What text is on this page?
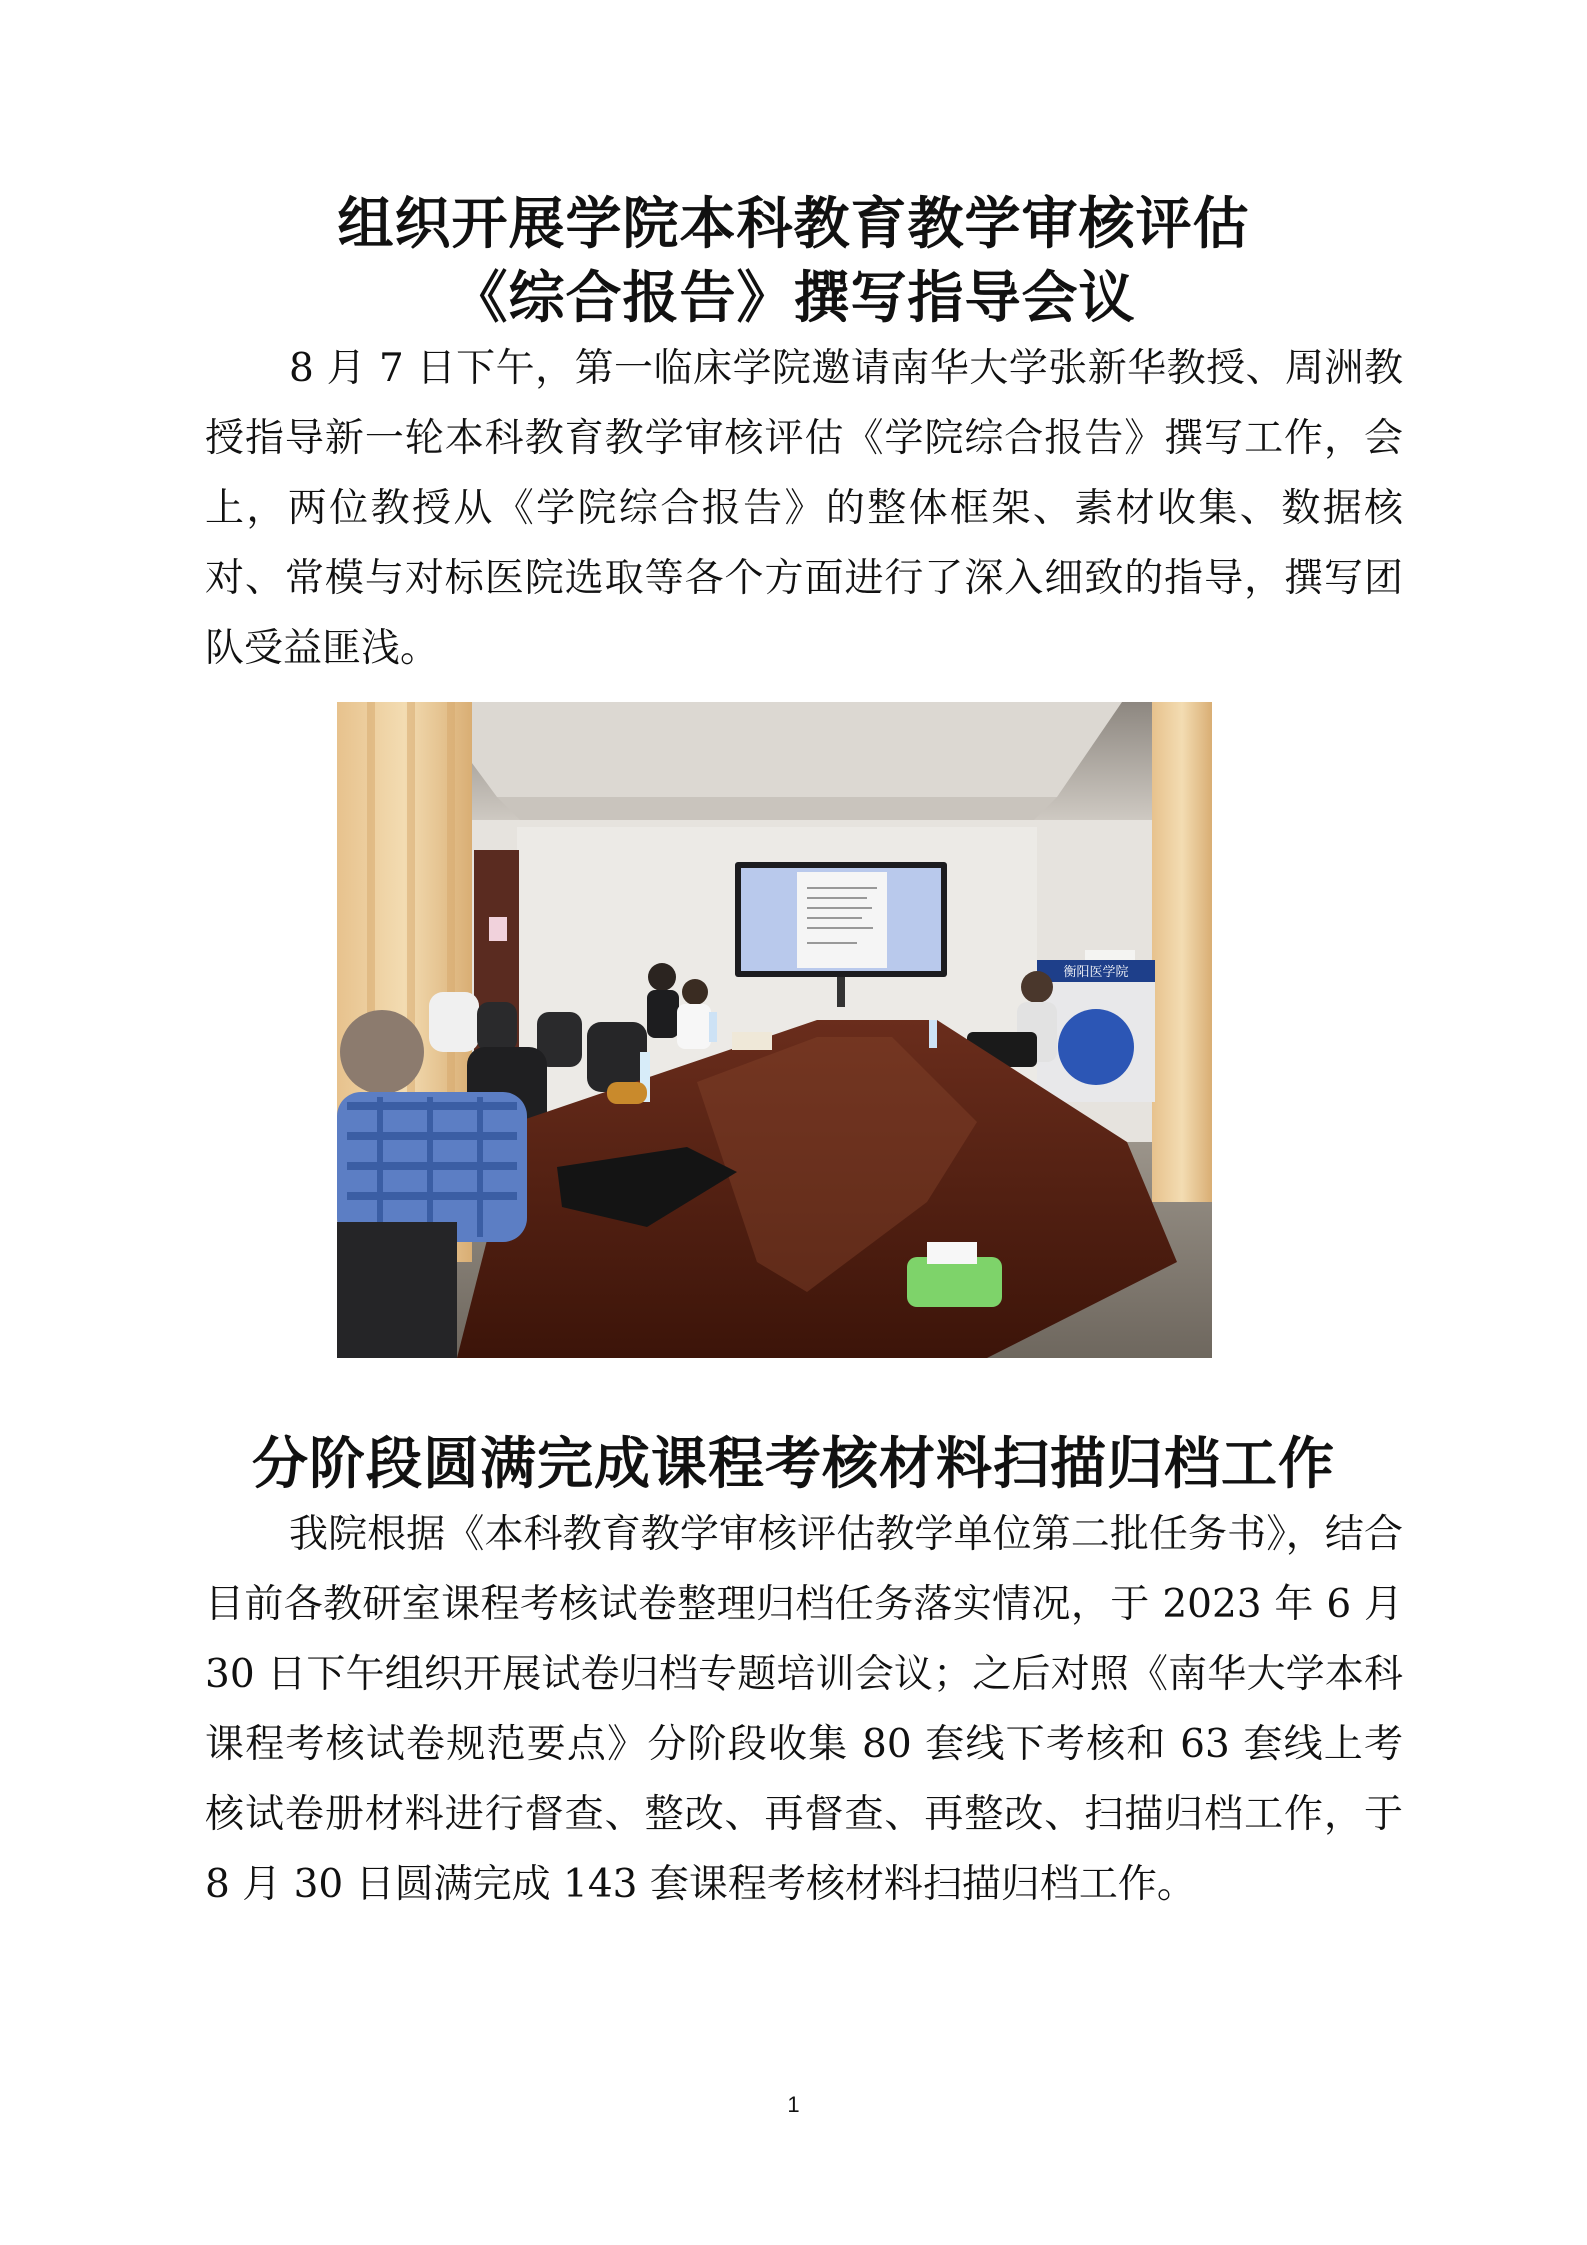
组织开展学院本科教育教学审核评估
《综合报告》撰写指导会议

8 月 7 日下午，第一临床学院邀请南华大学张新华教授、周洲教授指导新一轮本科教育教学审核评估《学院综合报告》撰写工作，会上，两位教授从《学院综合报告》的整体框架、素材收集、数据核对、常模与对标医院选取等各个方面进行了深入细致的指导，撰写团队受益匪浅。

衡阳医学院
分阶段圆满完成课程考核材料扫描归档工作

我院根据《本科教育教学审核评估教学单位第二批任务书》，结合目前各教研室课程考核试卷整理归档任务落实情况，于 2023 年 6 月 30 日下午组织开展试卷归档专题培训会议；之后对照《南华大学本科课程考核试卷规范要点》分阶段收集 80 套线下考核和 63 套线上考核试卷册材料进行督查、整改、再督查、再整改、扫描归档工作，于 8 月 30 日圆满完成 143 套课程考核材料扫描归档工作。

1
